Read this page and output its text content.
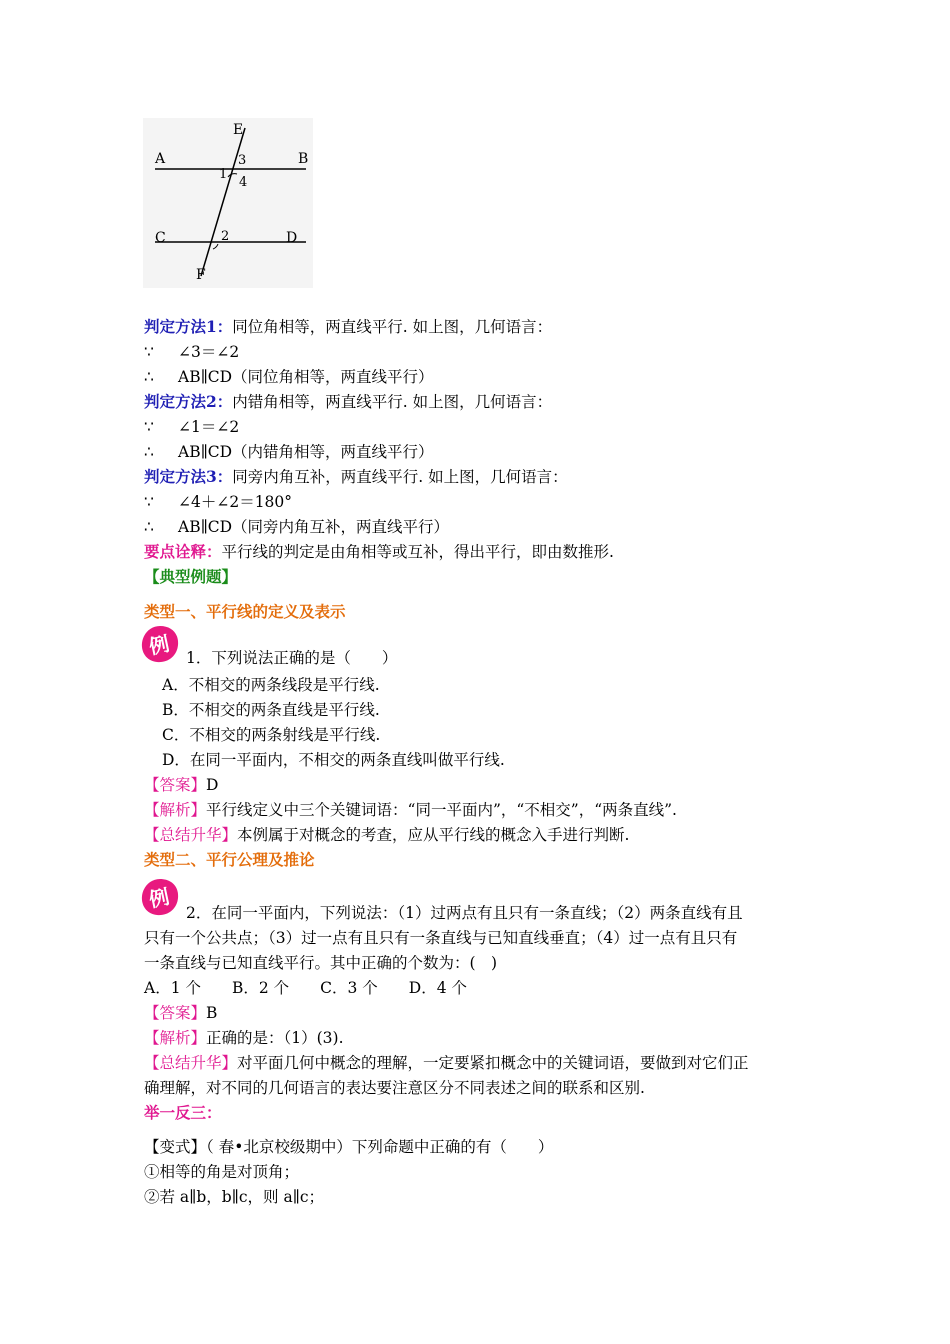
E
A	B
C	D
F
1
2
3
4
判定方法1：同位角相等，两直线平行. 如上图，几何语言：
∵ ∠3＝∠2
∴ AB∥CD（同位角相等，两直线平行）
判定方法2：内错角相等，两直线平行. 如上图，几何语言：
∵ ∠1＝∠2
∴ AB∥CD（内错角相等，两直线平行）
判定方法3：同旁内角互补，两直线平行. 如上图，几何语言：
∵ ∠4＋∠2＝180°
∴ AB∥CD（同旁内角互补，两直线平行）
要点诠释：平行线的判定是由角相等或互补，得出平行，即由数推形.
【典型例题】
类型一、平行线的定义及表示
例 1．下列说法正确的是（　　）
A．不相交的两条线段是平行线.
B．不相交的两条直线是平行线.
C．不相交的两条射线是平行线.
D．在同一平面内，不相交的两条直线叫做平行线.
【答案】D
【解析】平行线定义中三个关键词语：“同一平面内”，“不相交”，“两条直线”.
【总结升华】本例属于对概念的考查，应从平行线的概念入手进行判断.
类型二、平行公理及推论
例
2．在同一平面内，下列说法：（1）过两点有且只有一条直线；（2）两条直线有且
只有一个公共点；（3）过一点有且只有一条直线与已知直线垂直；（4）过一点有且只有
一条直线与已知直线平行。其中正确的个数为：(　)
A．1 个　　B．2 个　　C．3 个　　D．4 个
【答案】B
【解析】正确的是：（1）(3).
【总结升华】对平面几何中概念的理解，一定要紧扣概念中的关键词语，要做到对它们正
确理解，对不同的几何语言的表达要注意区分不同表述之间的联系和区别.
举一反三：
【变式】（ 春•北京校级期中）下列命题中正确的有（　　）
①相等的角是对顶角；
②若 a∥b，b∥c，则 a∥c；
